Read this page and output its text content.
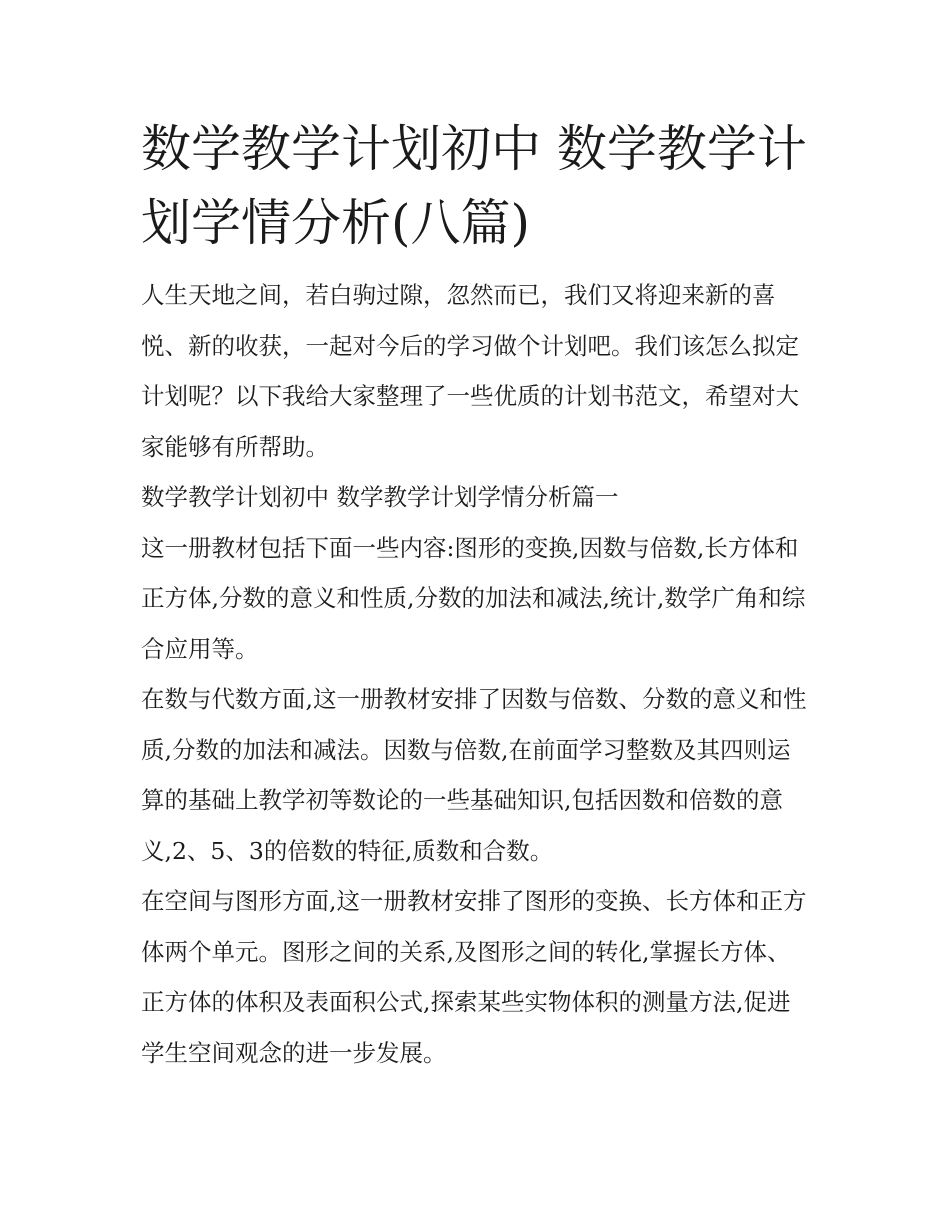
数学教学计划初中 数学教学计划学情分析(八篇)

人生天地之间，若白驹过隙，忽然而已，我们又将迎来新的喜悦、新的收获，一起对今后的学习做个计划吧。我们该怎么拟定计划呢？以下我给大家整理了一些优质的计划书范文，希望对大家能够有所帮助。

数学教学计划初中 数学教学计划学情分析篇一

这一册教材包括下面一些内容:图形的变换,因数与倍数,长方体和正方体,分数的意义和性质,分数的加法和减法,统计,数学广角和综合应用等。

在数与代数方面,这一册教材安排了因数与倍数、分数的意义和性质,分数的加法和减法。因数与倍数,在前面学习整数及其四则运算的基础上教学初等数论的一些基础知识,包括因数和倍数的意义,2、5、3的倍数的特征,质数和合数。

在空间与图形方面,这一册教材安排了图形的变换、长方体和正方体两个单元。图形之间的关系,及图形之间的转化,掌握长方体、正方体的体积及表面积公式,探索某些实物体积的测量方法,促进学生空间观念的进一步发展。
